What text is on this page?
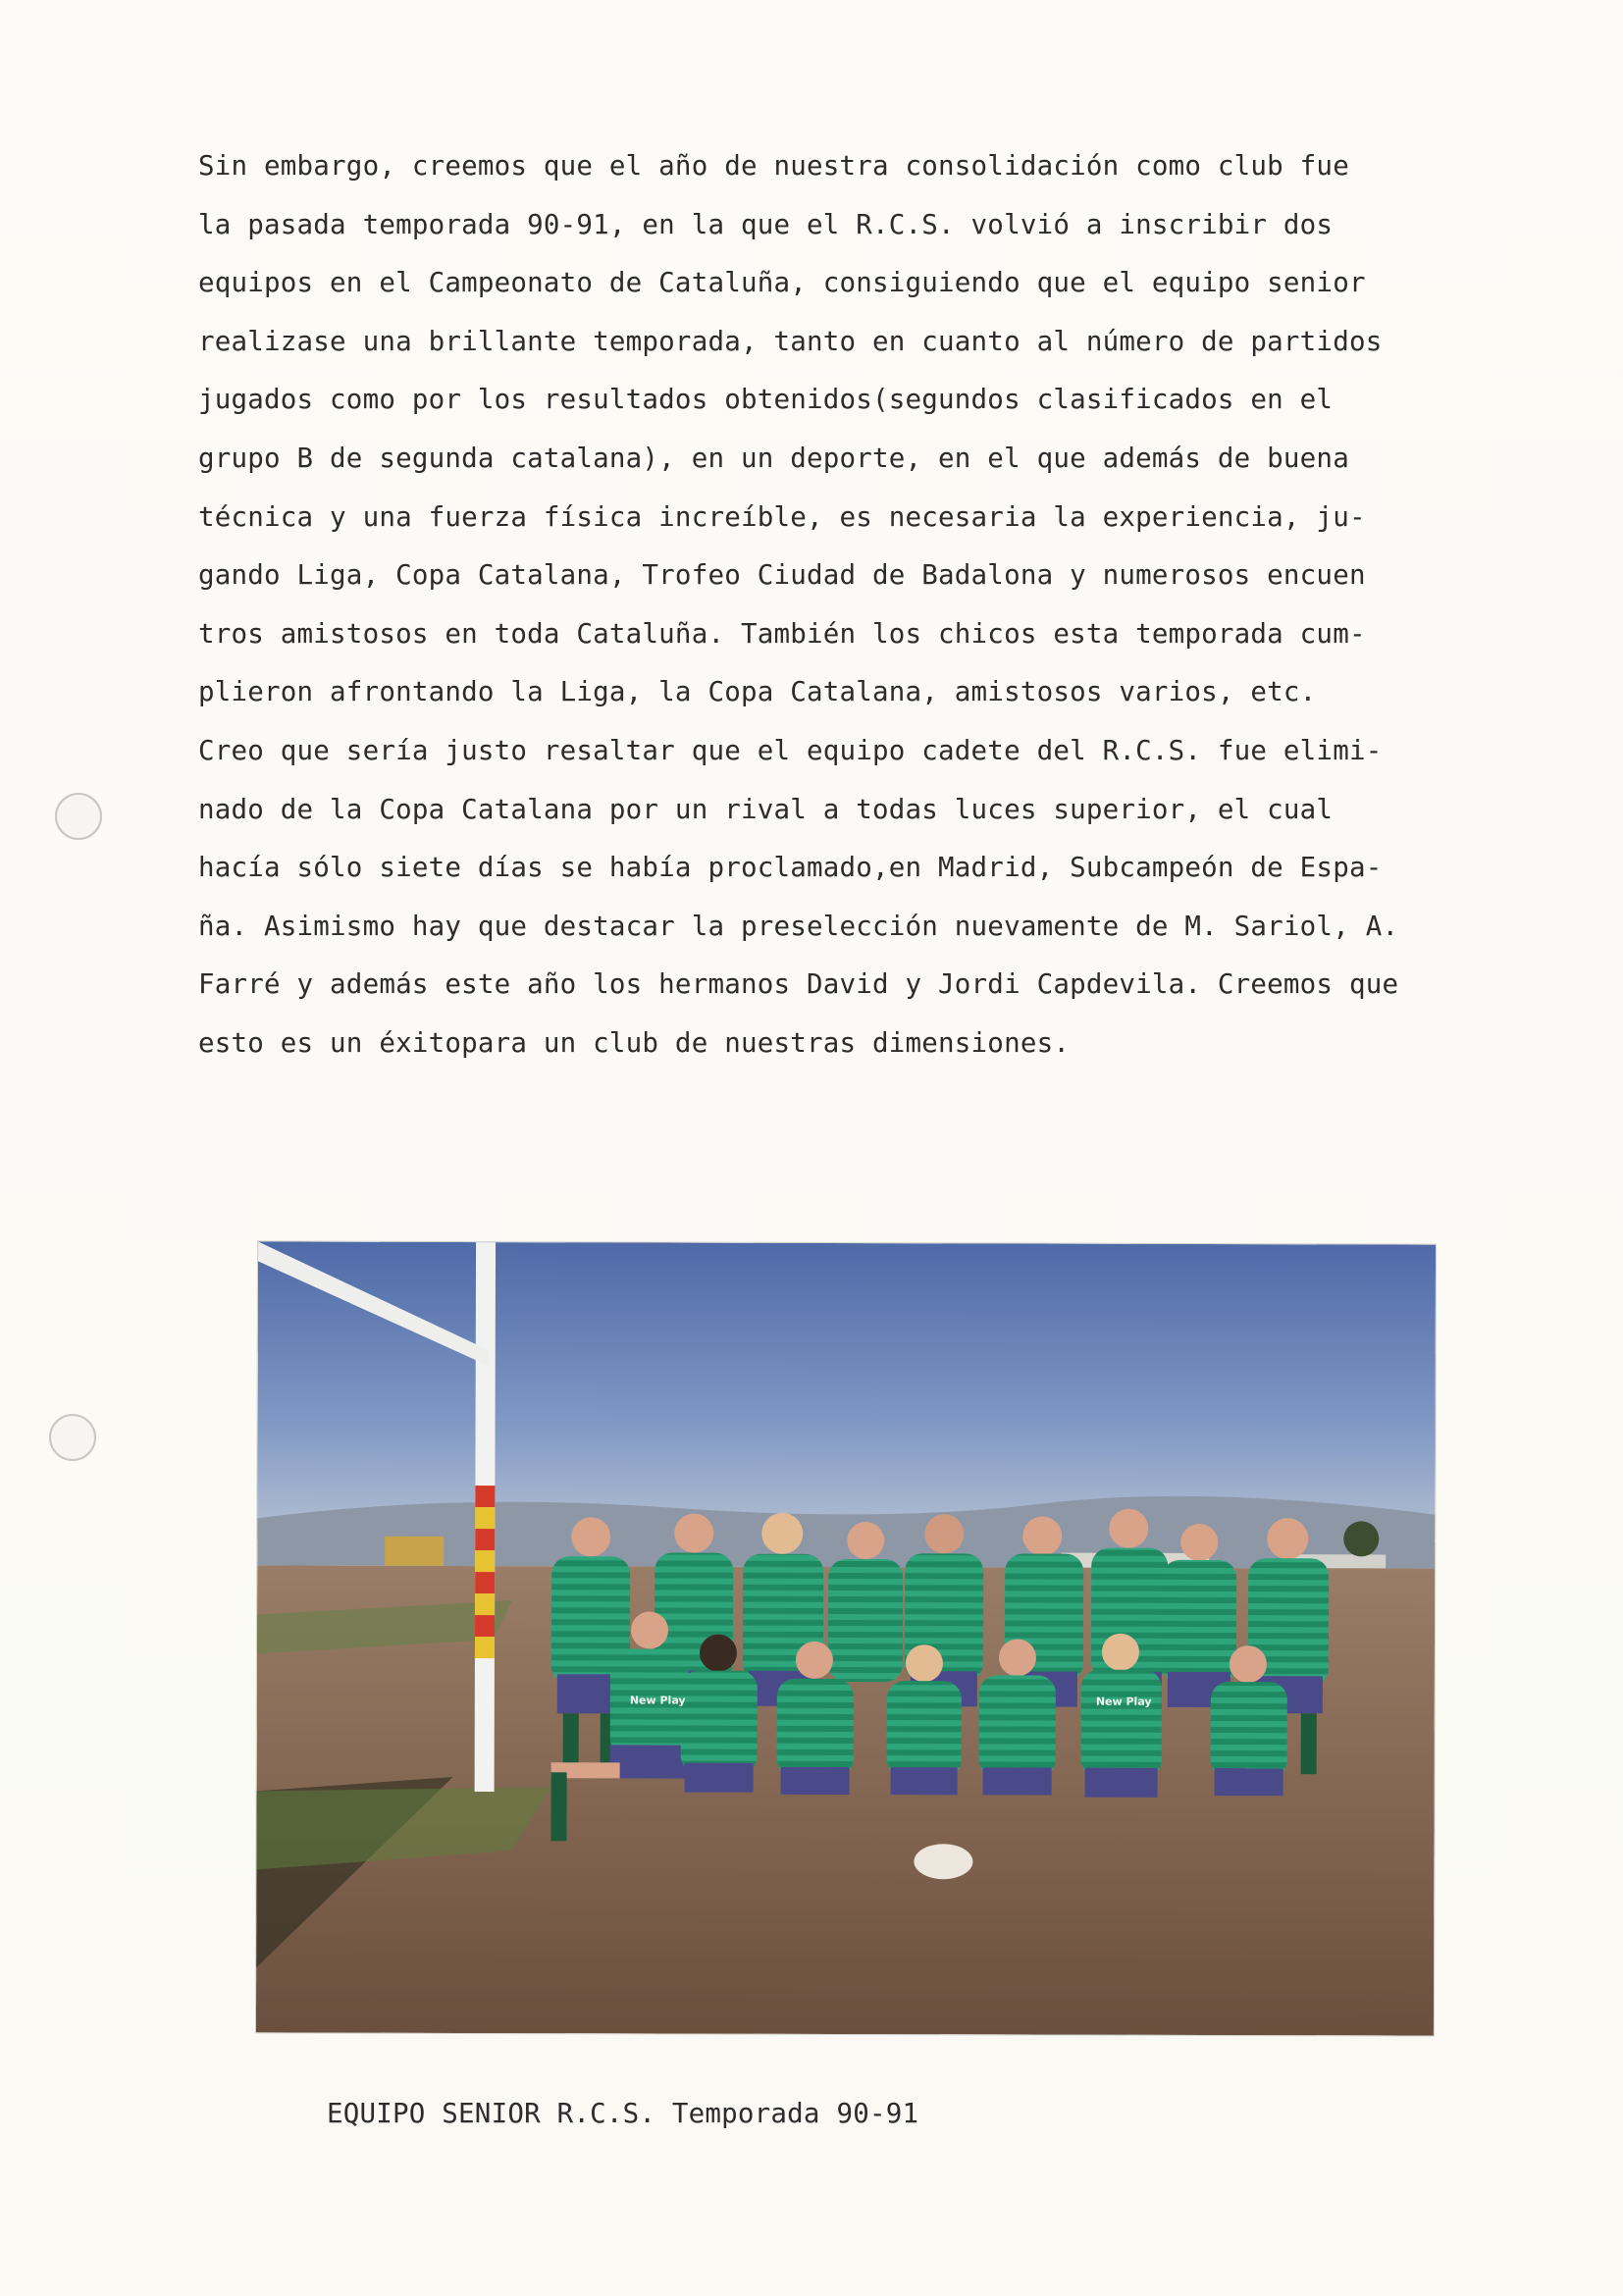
Sin embargo, creemos que el año de nuestra consolidación como club fue
la pasada temporada 90-91, en la que el R.C.S. volvió a inscribir dos
equipos en el Campeonato de Cataluña, consiguiendo que el equipo senior
realizase una brillante temporada, tanto en cuanto al número de partidos
jugados como por los resultados obtenidos(segundos clasificados en el
grupo B de segunda catalana), en un deporte, en el que además de buena
técnica y una fuerza física increíble, es necesaria la experiencia, ju-
gando Liga, Copa Catalana, Trofeo Ciudad de Badalona y numerosos encuen
tros amistosos en toda Cataluña. También los chicos esta temporada cum-
plieron afrontando la Liga, la Copa Catalana, amistosos varios, etc.
Creo que sería justo resaltar que el equipo cadete del R.C.S. fue elimi-
nado de la Copa Catalana por un rival a todas luces superior, el cual
hacía sólo siete días se había proclamado,en Madrid, Subcampeón de Espa-
ña. Asimismo hay que destacar la preselección nuevamente de M. Sariol, A.
Farré y además este año los hermanos David y Jordi Capdevila. Creemos que
esto es un éxitopara un club de nuestras dimensiones.
New Play	New Play
EQUIPO SENIOR R.C.S. Temporada 90-91
